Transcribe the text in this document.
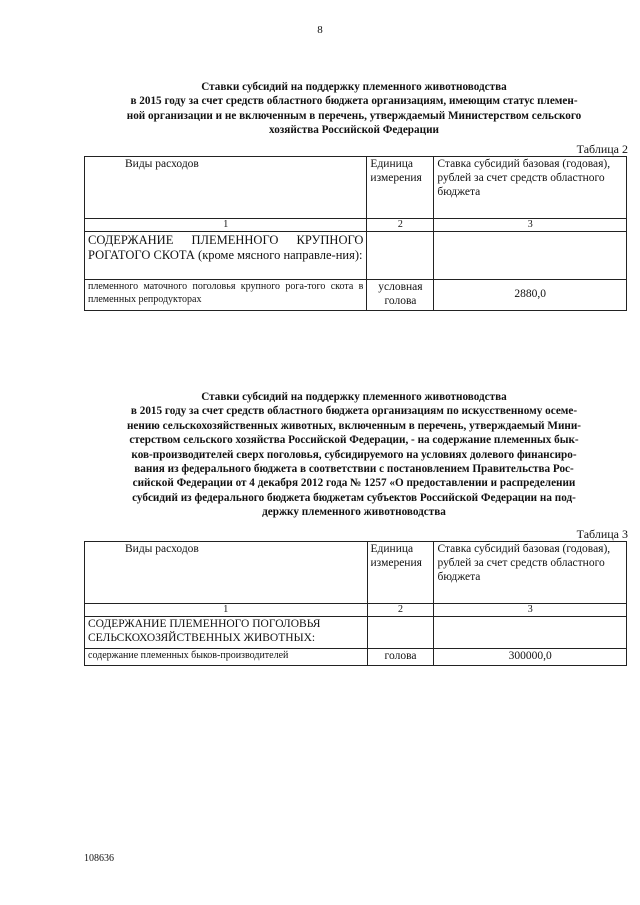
8
Ставки субсидий на поддержку племенного животноводства
в 2015 году за счет средств областного бюджета организациям, имеющим статус племен-
ной организации и не включенным в перечень, утверждаемый Министерством сельского
хозяйства Российской Федерации
Таблица 2
Виды расходов	Единица измерения	Ставка субсидий базовая (годовая), рублей за счет средств областного бюджета
1	2	3
СОДЕРЖАНИЕ ПЛЕМЕННОГО КРУПНОГО РОГАТОГО СКОТА (кроме мясного направле-ния):		
племенного маточного поголовья крупного рога-того скота в племенных репродукторах	условная голова	2880,0
Ставки субсидий на поддержку племенного животноводства
в 2015 году за счет средств областного бюджета организациям по искусственному осеме-
нению сельскохозяйственных животных, включенным в перечень, утверждаемый Мини-
стерством сельского хозяйства Российской Федерации, - на содержание племенных бык-
ков-производителей сверх поголовья, субсидируемого на условиях долевого финансиро-
вания из федерального бюджета в соответствии с постановлением Правительства Рос-
сийской Федерации от 4 декабря 2012 года № 1257 «О предоставлении и распределении
субсидий из федерального бюджета бюджетам субъектов Российской Федерации на под-
держку племенного животноводства
Таблица 3
Виды расходов	Единица измерения	Ставка субсидий базовая (годовая), рублей за счет средств областного бюджета
1	2	3
СОДЕРЖАНИЕ ПЛЕМЕННОГО ПОГОЛОВЬЯ СЕЛЬСКОХОЗЯЙСТВЕННЫХ ЖИВОТНЫХ:		
содержание племенных быков-производителей	голова	300000,0
108636
